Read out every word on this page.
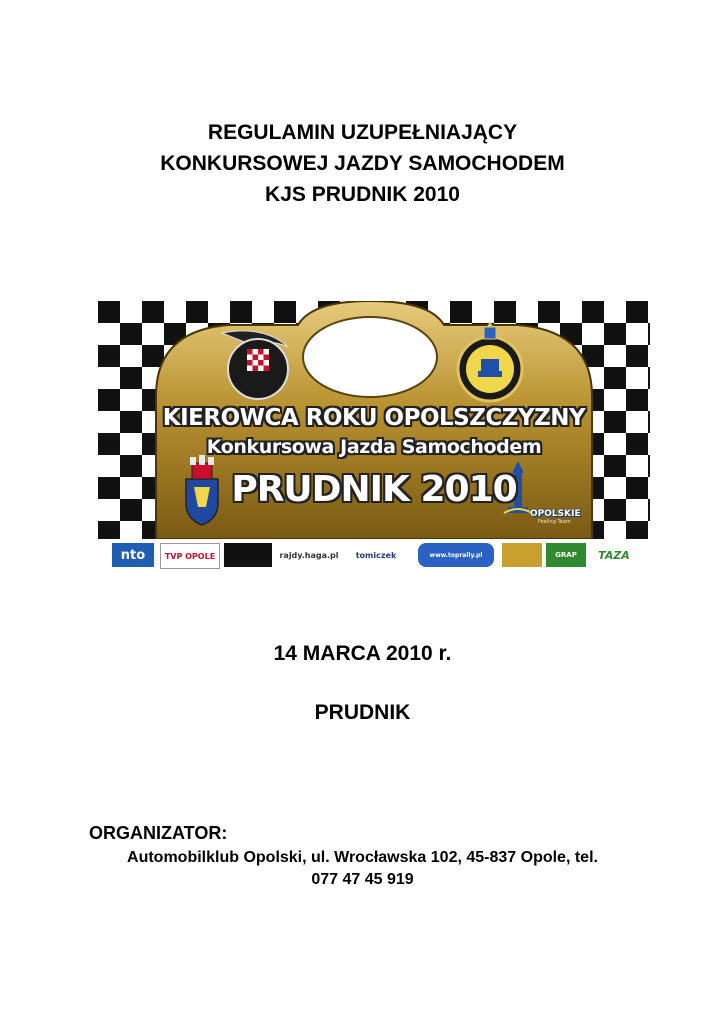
REGULAMIN UZUPEŁNIAJĄCY
KONKURSOWEJ JAZDY SAMOCHODEM
KJS PRUDNIK 2010
KIEROWCA ROKU OPOLSZCZYZNY
Konkursowa Jazda Samochodem
PRUDNIK 2010
OPOLSKIE
Feeling Team
nto	TVP OPOLE	rajdy.haga.pl	tomiczek	www.toprally.pl	GRAP	TAZA
14 MARCA 2010 r.
PRUDNIK
ORGANIZATOR:
Automobilklub Opolski, ul. Wrocławska 102, 45-837 Opole, tel.
077 47 45 919
